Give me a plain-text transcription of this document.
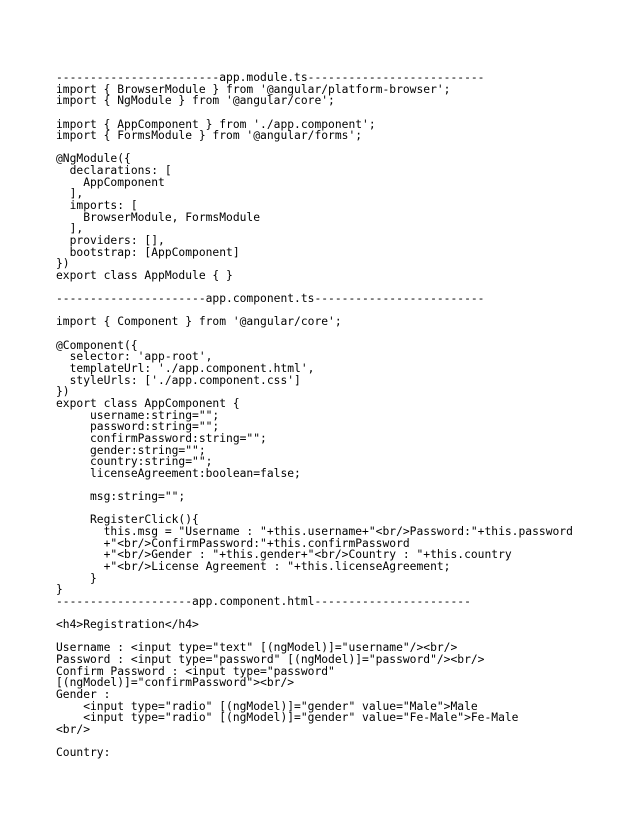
------------------------app.module.ts--------------------------
import { BrowserModule } from '@angular/platform-browser';
import { NgModule } from '@angular/core';
import { AppComponent } from './app.component';
import { FormsModule } from '@angular/forms';
@NgModule({
declarations: [
AppComponent
],
imports: [
BrowserModule, FormsModule
],
providers: [],
bootstrap: [AppComponent]
})
export class AppModule { }
----------------------app.component.ts-------------------------
import { Component } from '@angular/core';
@Component({
selector: 'app-root',
templateUrl: './app.component.html',
styleUrls: ['./app.component.css']
})
export class AppComponent {
username:string="";
password:string="";
confirmPassword:string="";
gender:string="";
country:string="";
licenseAgreement:boolean=false;
msg:string="";
RegisterClick(){
this.msg = "Username : "+this.username+"<br/>Password:"+this.password
+"<br/>ConfirmPassword:"+this.confirmPassword
+"<br/>Gender : "+this.gender+"<br/>Country : "+this.country
+"<br/>License Agreement : "+this.licenseAgreement;
}
}
--------------------app.component.html-----------------------
<h4>Registration</h4>
Username : <input type="text" [(ngModel)]="username"/><br/>
Password : <input type="password" [(ngModel)]="password"/><br/>
Confirm Password : <input type="password"
[(ngModel)]="confirmPassword"><br/>
Gender :
<input type="radio" [(ngModel)]="gender" value="Male">Male
<input type="radio" [(ngModel)]="gender" value="Fe-Male">Fe-Male
<br/>
Country:
